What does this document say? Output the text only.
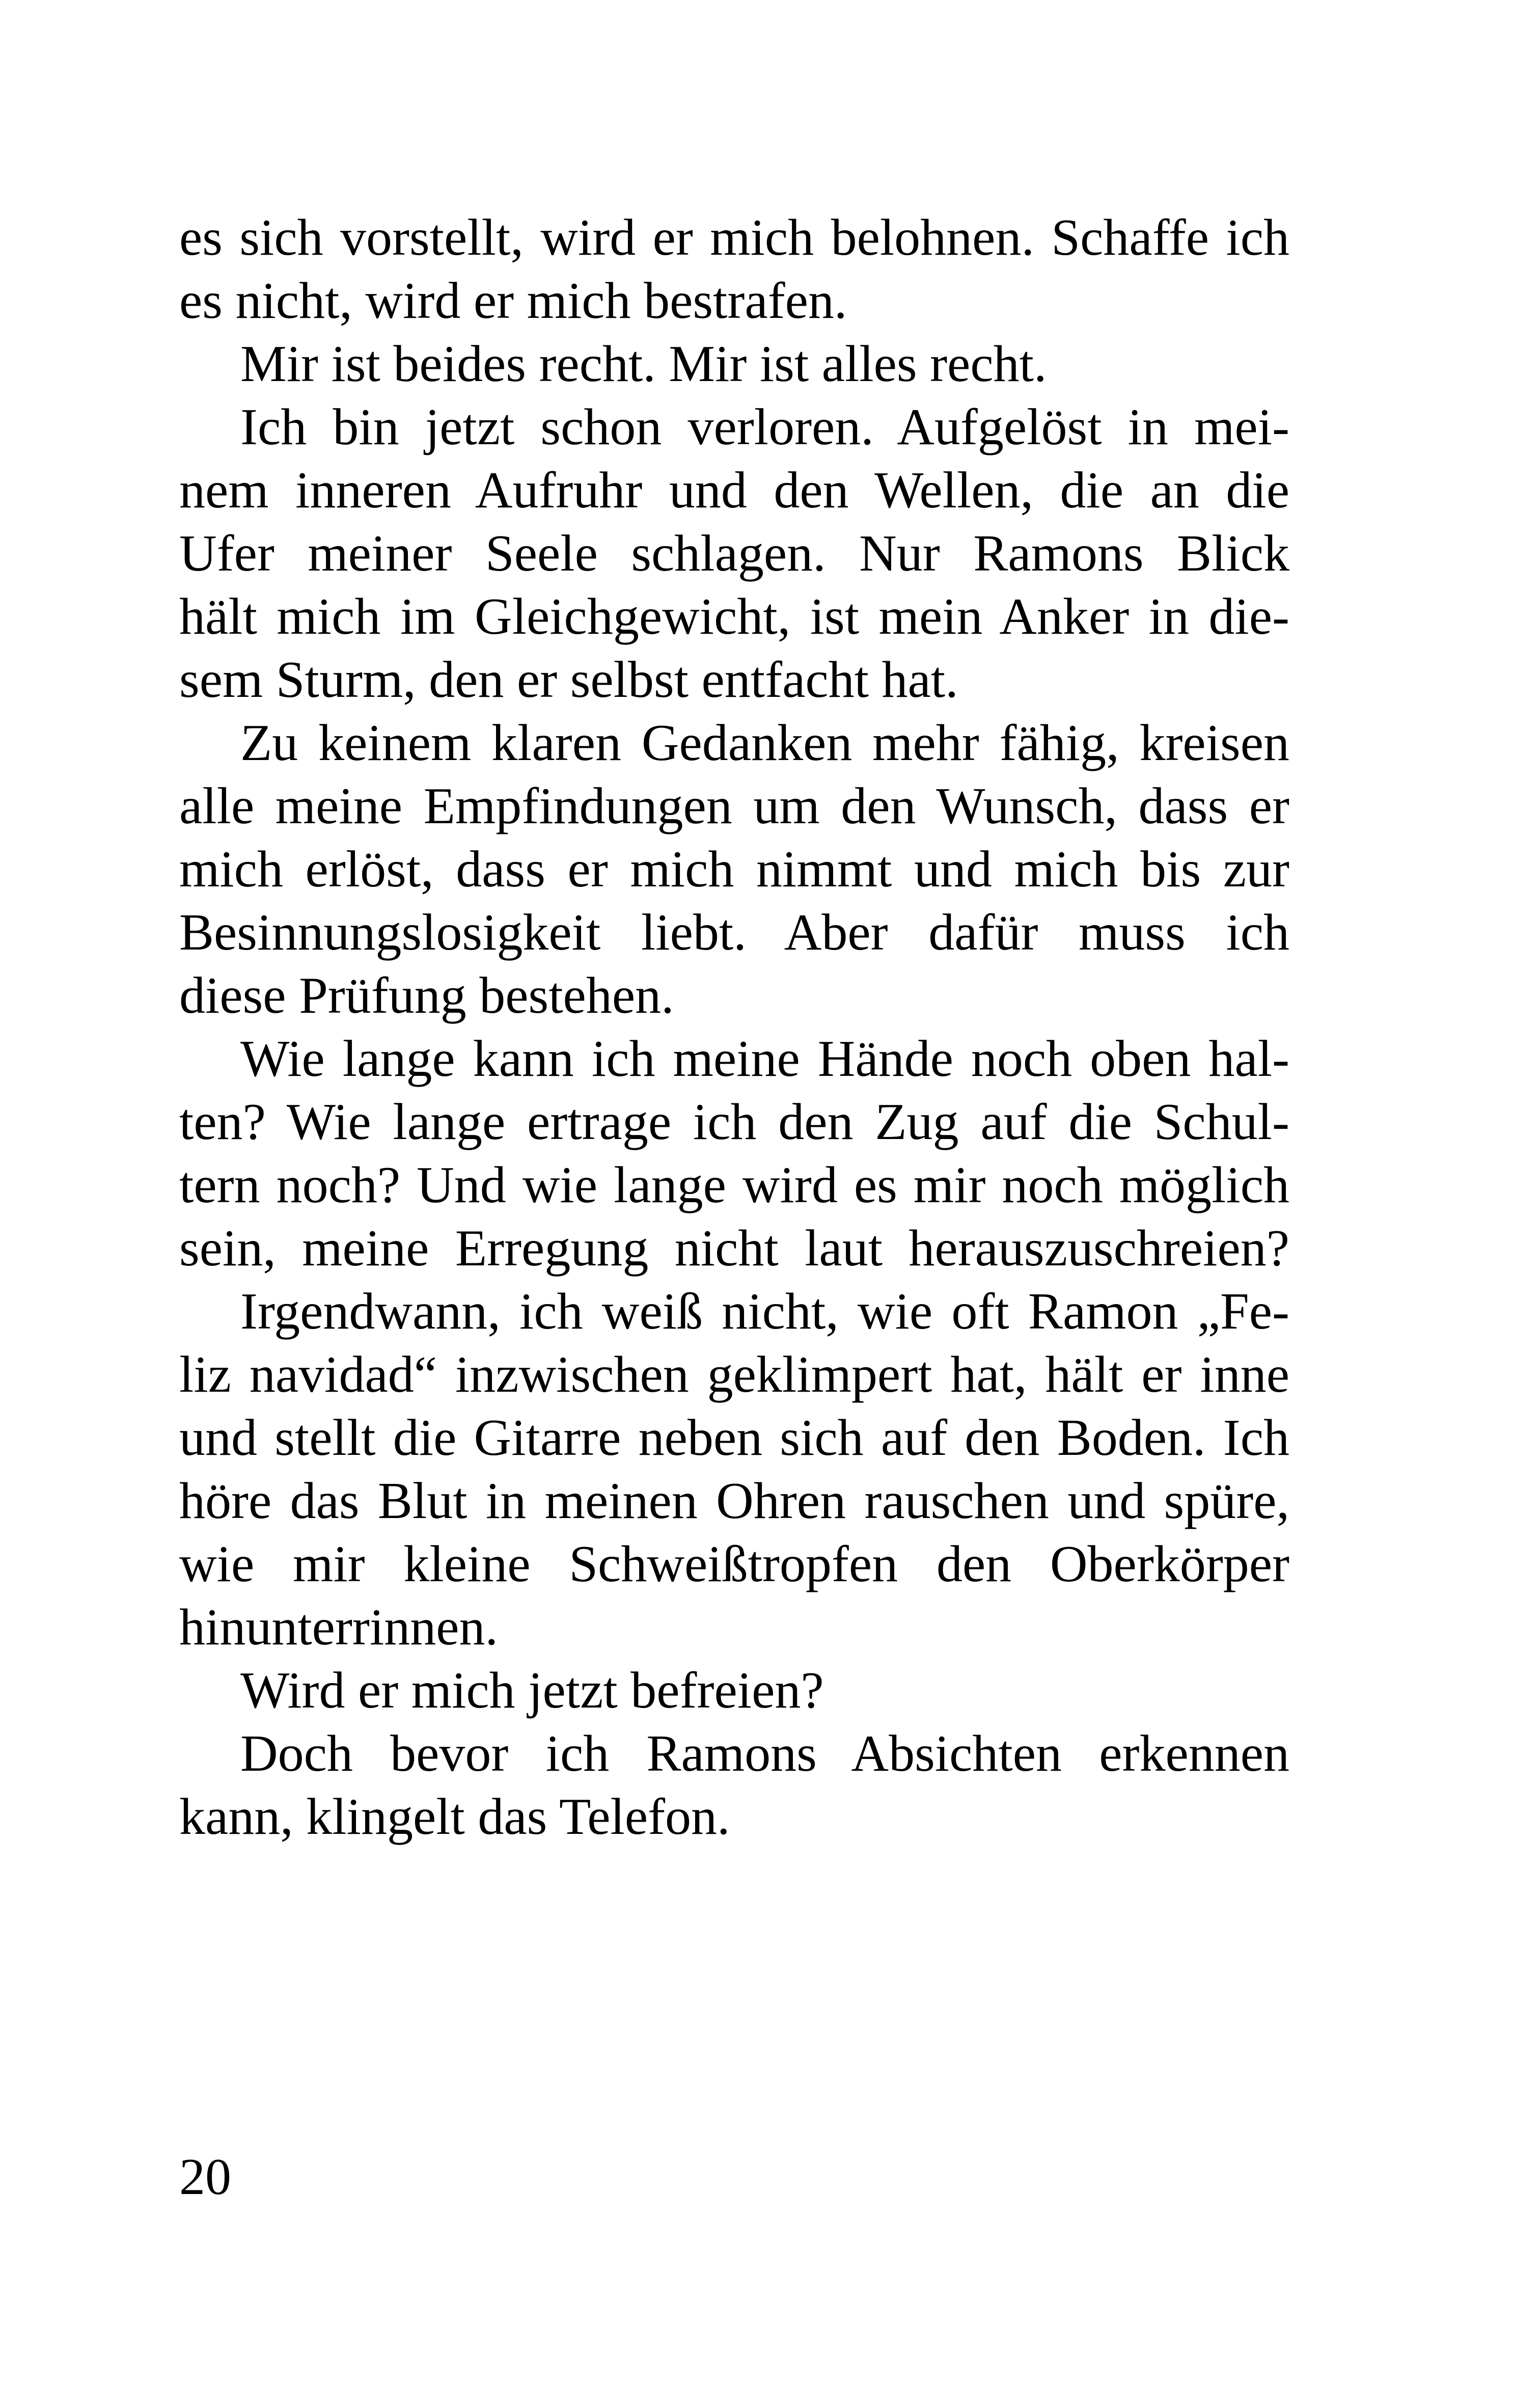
es sich vorstellt, wird er mich belohnen. Schaffe ich
es nicht, wird er mich bestrafen.
Mir ist beides recht. Mir ist alles recht.
Ich bin jetzt schon verloren. Aufgelöst in mei-
nem inneren Aufruhr und den Wellen, die an die
Ufer meiner Seele schlagen. Nur Ramons Blick
hält mich im Gleichgewicht, ist mein Anker in die-
sem Sturm, den er selbst entfacht hat.
Zu keinem klaren Gedanken mehr fähig, kreisen
alle meine Empfindungen um den Wunsch, dass er
mich erlöst, dass er mich nimmt und mich bis zur
Besinnungslosigkeit liebt. Aber dafür muss ich
diese Prüfung bestehen.
Wie lange kann ich meine Hände noch oben hal-
ten? Wie lange ertrage ich den Zug auf die Schul-
tern noch? Und wie lange wird es mir noch möglich
sein, meine Erregung nicht laut herauszuschreien?
Irgendwann, ich weiß nicht, wie oft Ramon „Fe-
liz navidad“ inzwischen geklimpert hat, hält er inne
und stellt die Gitarre neben sich auf den Boden. Ich
höre das Blut in meinen Ohren rauschen und spüre,
wie mir kleine Schweißtropfen den Oberkörper
hinunterrinnen.
Wird er mich jetzt befreien?
Doch bevor ich Ramons Absichten erkennen
kann, klingelt das Telefon.
20
